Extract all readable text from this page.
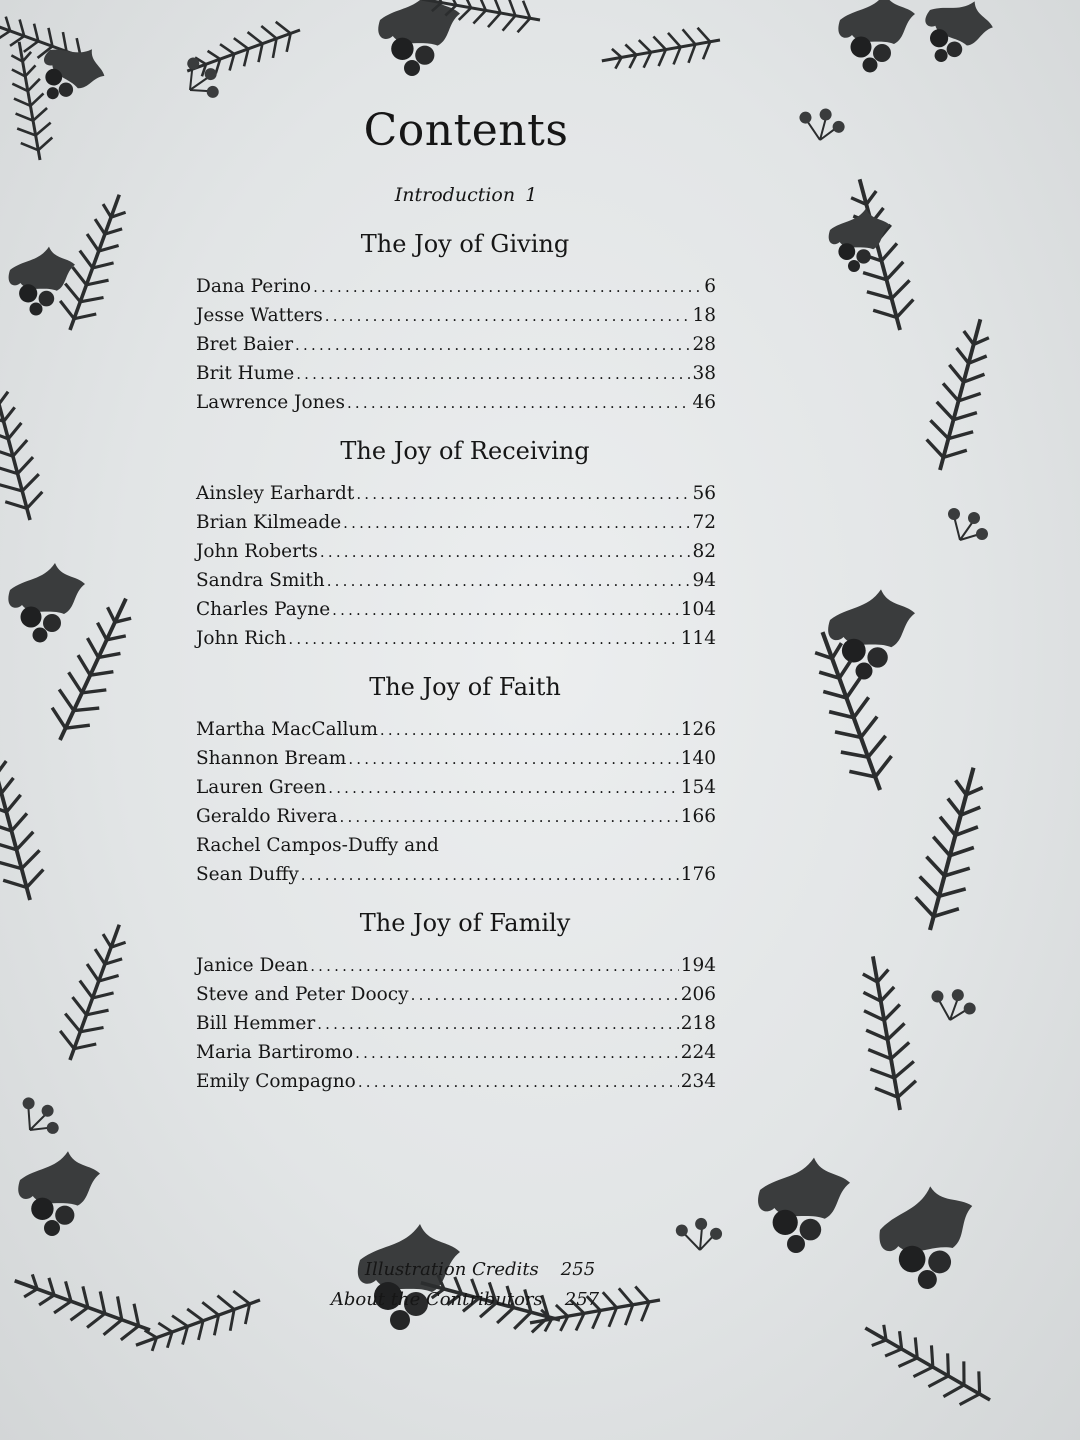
Contents
Introduction 1
The Joy of Giving
Dana Perino .....	6
Jesse Watters .....	18
Bret Baier .....	28
Brit Hume .....	38
Lawrence Jones .....	46
The Joy of Receiving
Ainsley Earhardt .....	56
Brian Kilmeade .....	72
John Roberts .....	82
Sandra Smith .....	94
Charles Payne .....	104
John Rich .....	114
The Joy of Faith
Martha MacCallum .....	126
Shannon Bream .....	140
Lauren Green .....	154
Geraldo Rivera .....	166
Rachel Campos-Duffy and
Sean Duffy .....	176
The Joy of Family
Janice Dean .....	194
Steve and Peter Doocy .....	206
Bill Hemmer .....	218
Maria Bartiromo .....	224
Emily Compagno .....	234
Illustration Credits 255
About the Contributors 257
